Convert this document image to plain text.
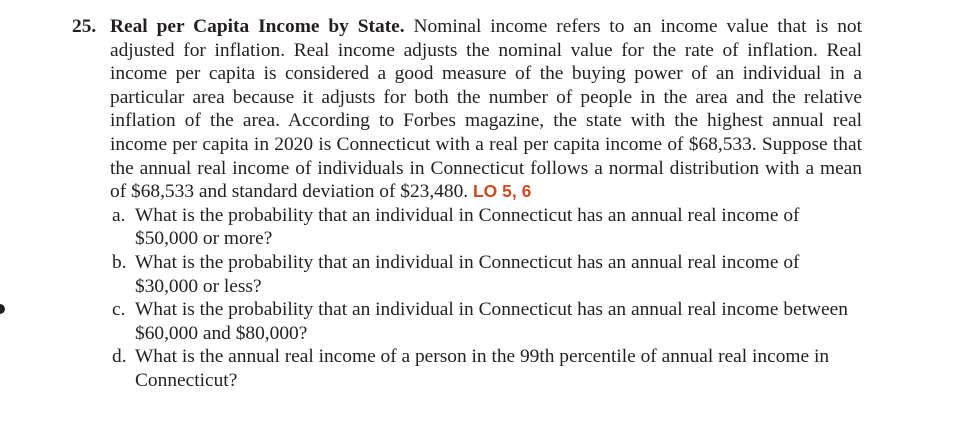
25. Real per Capita Income by State. Nominal income refers to an income value that is not adjusted for inflation. Real income adjusts the nominal value for the rate of inflation. Real income per capita is considered a good measure of the buying power of an individual in a particular area because it adjusts for both the number of people in the area and the relative inflation of the area. According to Forbes magazine, the state with the highest annual real income per capita in 2020 is Connecticut with a real per capita income of $68,533. Suppose that the annual real income of individuals in Connecticut follows a normal distribution with a mean of $68,533 and standard deviation of $23,480. LO 5, 6
a. What is the probability that an individual in Connecticut has an annual real income of $50,000 or more?
b. What is the probability that an individual in Connecticut has an annual real income of $30,000 or less?
c. What is the probability that an individual in Connecticut has an annual real income between $60,000 and $80,000?
d. What is the annual real income of a person in the 99th percentile of annual real income in Connecticut?
